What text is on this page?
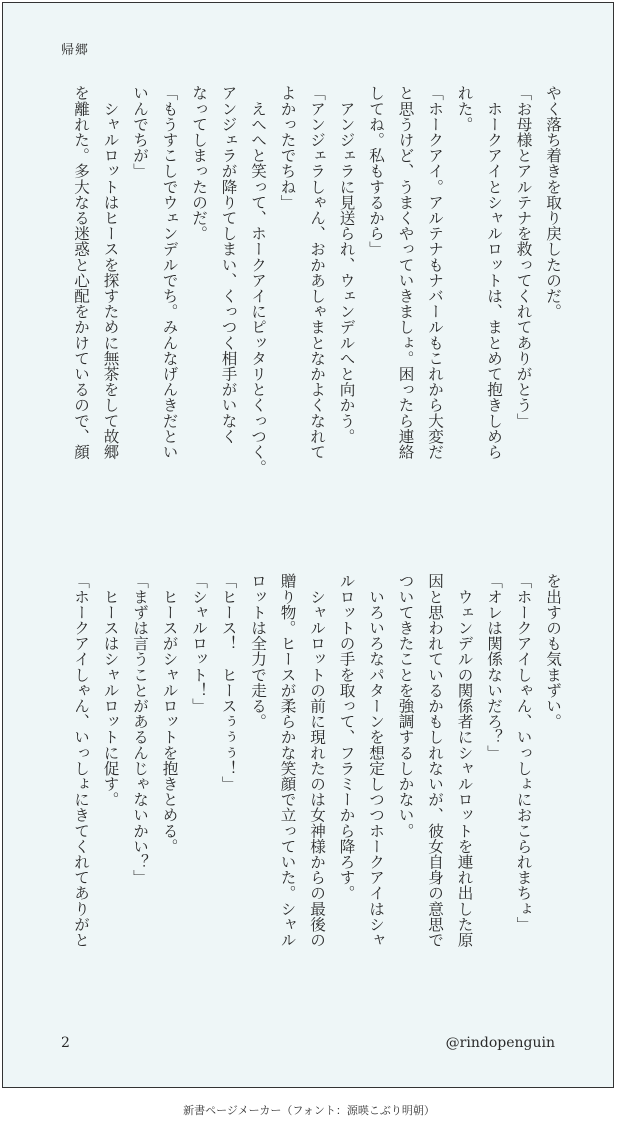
帰郷

やく落ち着きを取り戻したのだ。

「お母様とアルテナを救ってくれてありがとう」

　ホークアイとシャルロットは、まとめて抱きしめら

れた。

「ホークアイ。アルテナもナバールもこれから大変だ

と思うけど、うまくやっていきましょ。困ったら連絡

してね。私もするから」

　アンジェラに見送られ、ウェンデルへと向かう。

「アンジェラしゃん、おかあしゃまとなかよくなれて

よかったでちね」

　えへへと笑って、ホークアイにピッタリとくっつく。

アンジェラが降りてしまい、くっつく相手がいなく

なってしまったのだ。

「もうすこしでウェンデルでち。みんなげんきだとい

いんでちが」

　シャルロットはヒースを探すために無茶をして故郷

を離れた。多大なる迷惑と心配をかけているので、顔

を出すのも気まずい。

「ホークアイしゃん、いっしょにおこられまちょ」

「オレは関係ないだろ？」

　ウェンデルの関係者にシャルロットを連れ出した原

因と思われているかもしれないが、彼女自身の意思で

ついてきたことを強調するしかない。

　いろいろなパターンを想定しつつホークアイはシャ

ルロットの手を取って、フラミーから降ろす。

　シャルロットの前に現れたのは女神様からの最後の

贈り物。ヒースが柔らかな笑顔で立っていた。シャル

ロットは全力で走る。

「ヒース！　ヒースぅぅぅ！」

「シャルロット！」

　ヒースがシャルロットを抱きとめる。

「まずは言うことがあるんじゃないかい？」

　ヒースはシャルロットに促す。

「ホークアイしゃん、いっしょにきてくれてありがと

2	@rindopenguin
新書ページメーカー（フォント：源暎こぶり明朝）
